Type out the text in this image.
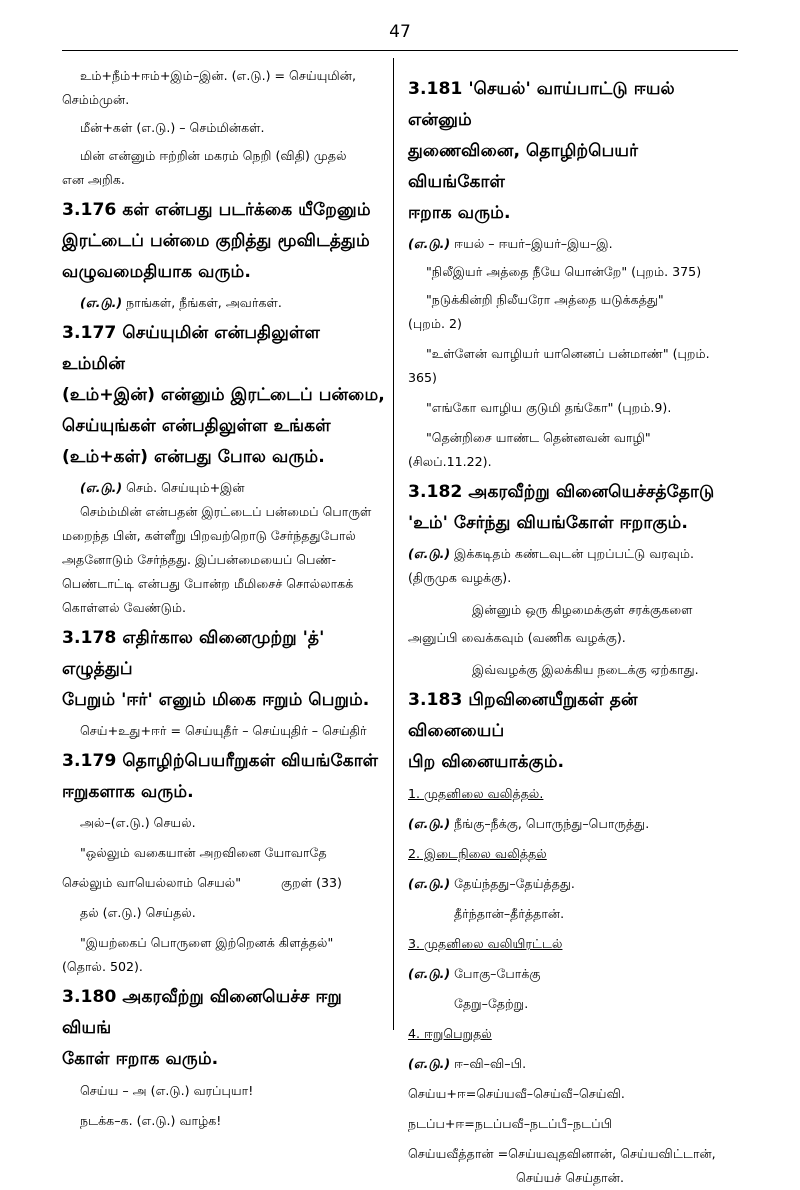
47

உம்+நீம்+ஈம்+இம்–இன். (எ.டு.) = செய்யுமின்,

செம்ம்முன்.

மீன்+கள் (எ.டு.) – செம்மின்கள்.

மின் என்னும் ஈற்றின் மகரம் நெறி (விதி) முதல்

என அறிக.

3.176 கள் என்பது படர்க்கை யீறேனும்
இரட்டைப் பன்மை குறித்து மூவிடத்தும்
வழுவமைதியாக வரும்.

(எ.டு.) நாங்கள், நீங்கள், அவர்கள்.

3.177 செய்யுமின் என்பதிலுள்ள உம்மின்
(உம்+இன்) என்னும் இரட்டைப் பன்மை,
செய்யுங்கள் என்பதிலுள்ள உங்கள்
(உம்+கள்) என்பது போல வரும்.

(எ.டு.) செம். செய்யும்+இன்

செம்ம்மின் என்பதன் இரட்டைப் பன்மைப் பொருள்

மறைந்த பின், கள்ளீறு பிறவற்றொடு சேர்ந்ததுபோல்

அதனோடும் சேர்ந்தது. இப்பன்மையைப் பெண்-

பெண்டாட்டி என்பது போன்ற மீமிசைச் சொல்லாகக்

கொள்ளல் வேண்டும்.

3.178 எதிர்கால வினைமுற்று 'த்' எழுத்துப்
பேறும் 'ஈர்' எனும் மிகை ஈறும் பெறும்.

செய்+உது+ஈர் = செய்யுதீர் – செய்யுதிர் – செய்திர்

3.179 தொழிற்பெயரீறுகள் வியங்கோள்
ஈறுகளாக வரும்.

அல்–(எ.டு.) செயல்.

"ஒல்லும் வகையான் அறவினை யோவாதே

செல்லும் வாயெல்லாம் செயல்"	குறள் (33)

தல் (எ.டு.) செய்தல்.

"இயற்கைப் பொருளை இற்றெனக் கிளத்தல்"

(தொல். 502).

3.180 அகரவீற்று வினையெச்ச ஈறு வியங்
கோள் ஈறாக வரும்.

செய்ய – அ (எ.டு.) வரப்புயா!

நடக்க–க. (எ.டு.) வாழ்க!

3.181 'செயல்' வாய்பாட்டு ஈயல் என்னும்
துணைவினை, தொழிற்பெயர் வியங்கோள்
ஈறாக வரும்.

(எ.டு.) ஈயல் – ஈயர்–இயர்–இய–இ.

"நிலீஇயர் அத்தை நீயே யொன்றே" (புறம். 375)

"நடுக்கின்றி நிலீயரோ அத்தை யடுக்கத்து"

(புறம். 2)

"உள்ளேன் வாழியர் யானெனப் பன்மாண்" (புறம்.

365)

"எங்கோ வாழிய குடுமி தங்கோ" (புறம்.9).

"தென்றிசை யாண்ட தென்னவன் வாழி"

(சிலப்.11.22).

3.182 அகரவீற்று வினையெச்சத்தோடு
'உம்' சேர்ந்து வியங்கோள் ஈறாகும்.

(எ.டு.) இக்கடிதம் கண்டவுடன் புறப்பட்டு வரவும்.

(திருமுக வழக்கு).

இன்னும் ஒரு கிழமைக்குள் சரக்குகளை

அனுப்பி வைக்கவும் (வணிக வழக்கு).

இவ்வழக்கு இலக்கிய நடைக்கு ஏற்காது.

3.183 பிறவினையீறுகள் தன் வினையைப்
பிற வினையாக்கும்.

1. முதனிலை வலித்தல்.

(எ.டு.) நீங்கு–நீக்கு, பொருந்து–பொருத்து.

2. இடைநிலை வலித்தல்

(எ.டு.) தேய்ந்தது–தேய்த்தது.

தீர்ந்தான்–தீர்த்தான்.

3. முதனிலை வலியிரட்டல்

(எ.டு.) போகு–போக்கு

தேறு–தேற்று.

4. ஈறுபெறுதல்

(எ.டு.) ஈ–வி–வி–பி.

செய்ய+ஈ=செய்யவீ–செய்வீ–செய்வி.

நடப்ப+ஈ=நடப்பவீ–நடப்பீ–நடப்பி

செய்யவீத்தான் =செய்யவுதவினான், செய்யவிட்டான்,

செய்யச் செய்தான்.
